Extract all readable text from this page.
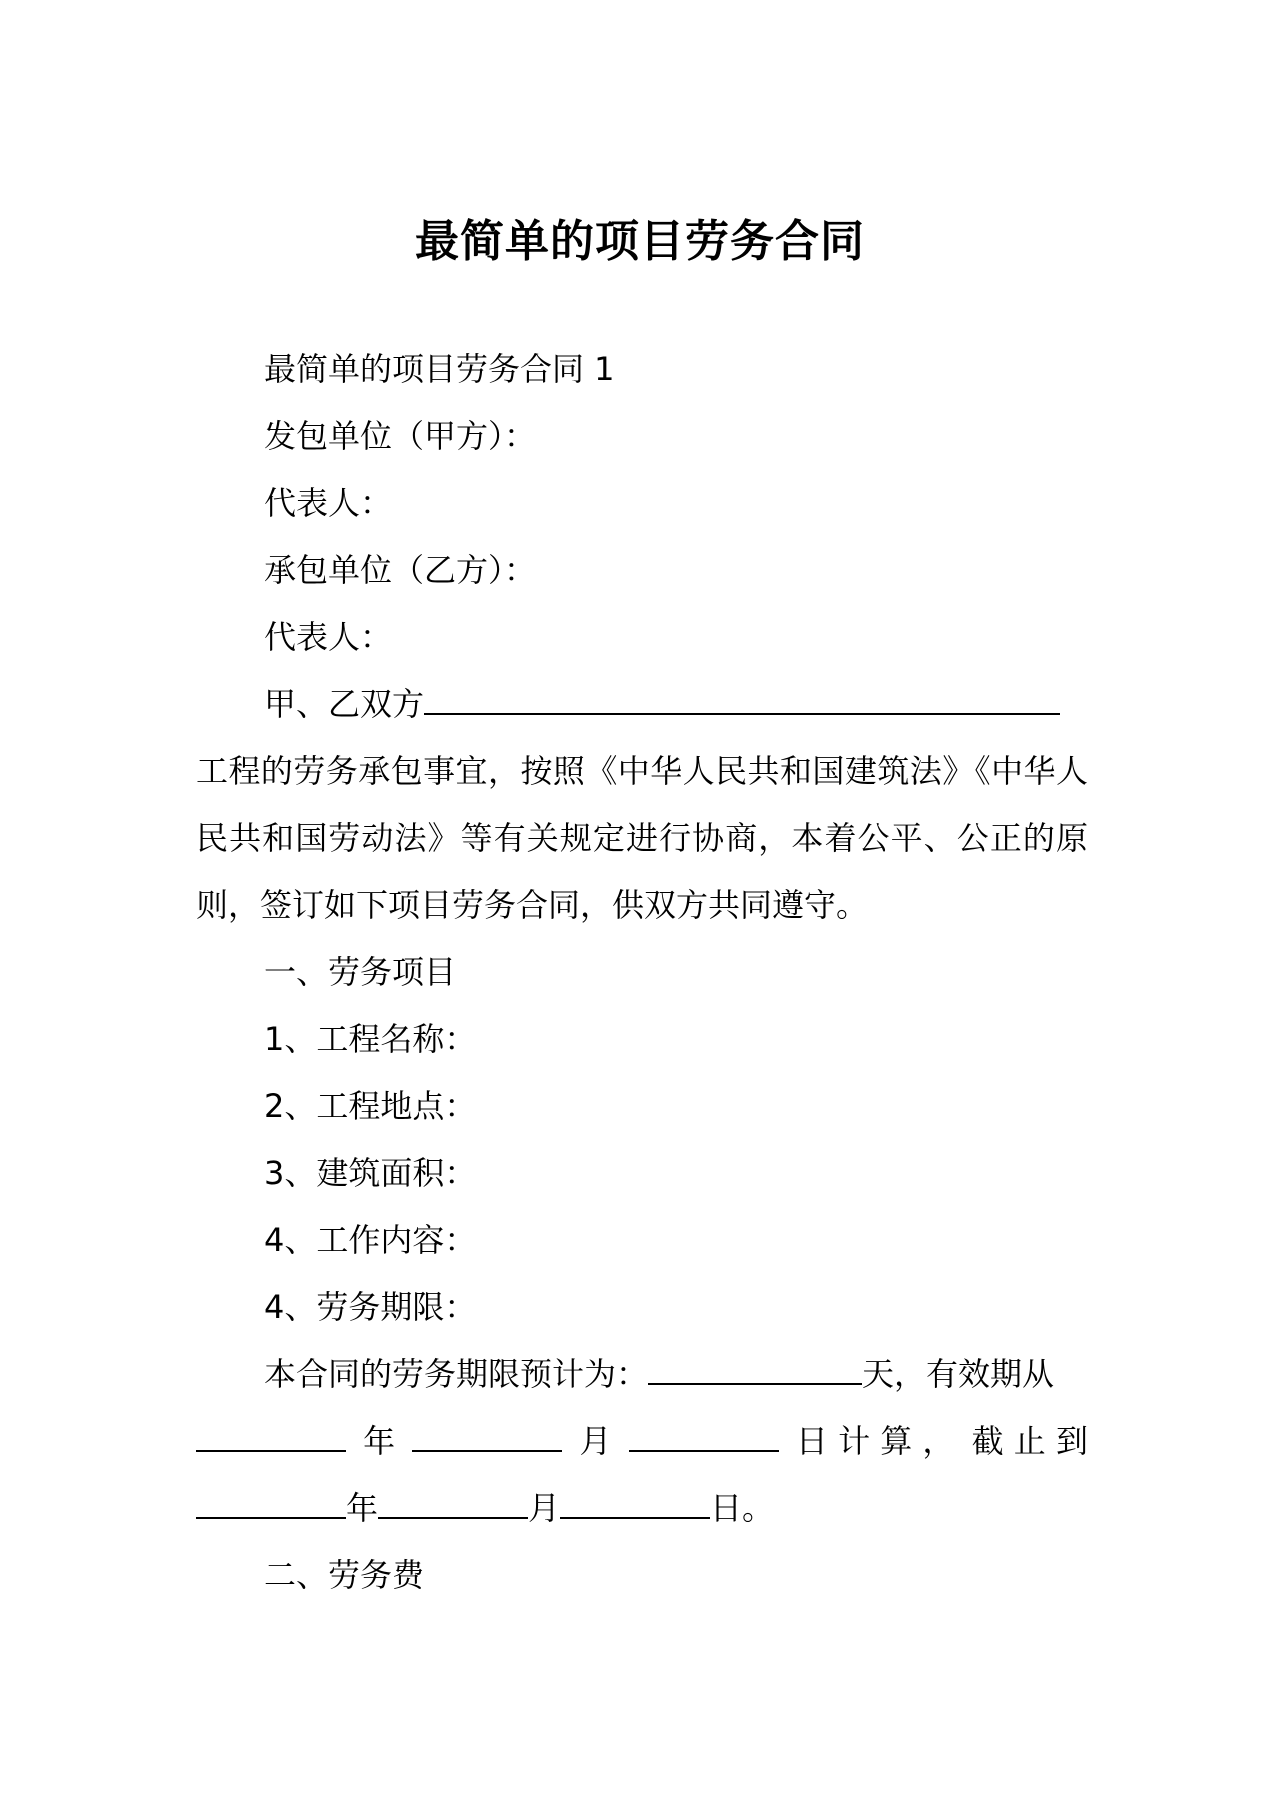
最简单的项目劳务合同

最简单的项目劳务合同 1

发包单位（甲方）：

代表人：

承包单位（乙方）：

代表人：

甲、乙双方

工程的劳务承包事宜，按照《中华人民共和国建筑法》《中华人民共和国劳动法》等有关规定进行协商，本着公平、公正的原则，签订如下项目劳务合同，供双方共同遵守。

一、劳务项目

1、工程名称：

2、工程地点：

3、建筑面积：

4、工作内容：

4、劳务期限：

本合同的劳务期限预计为：	天，有效期从

年	月	日 计 算 ， 截 止 到

年	月	日。

二、劳务费
